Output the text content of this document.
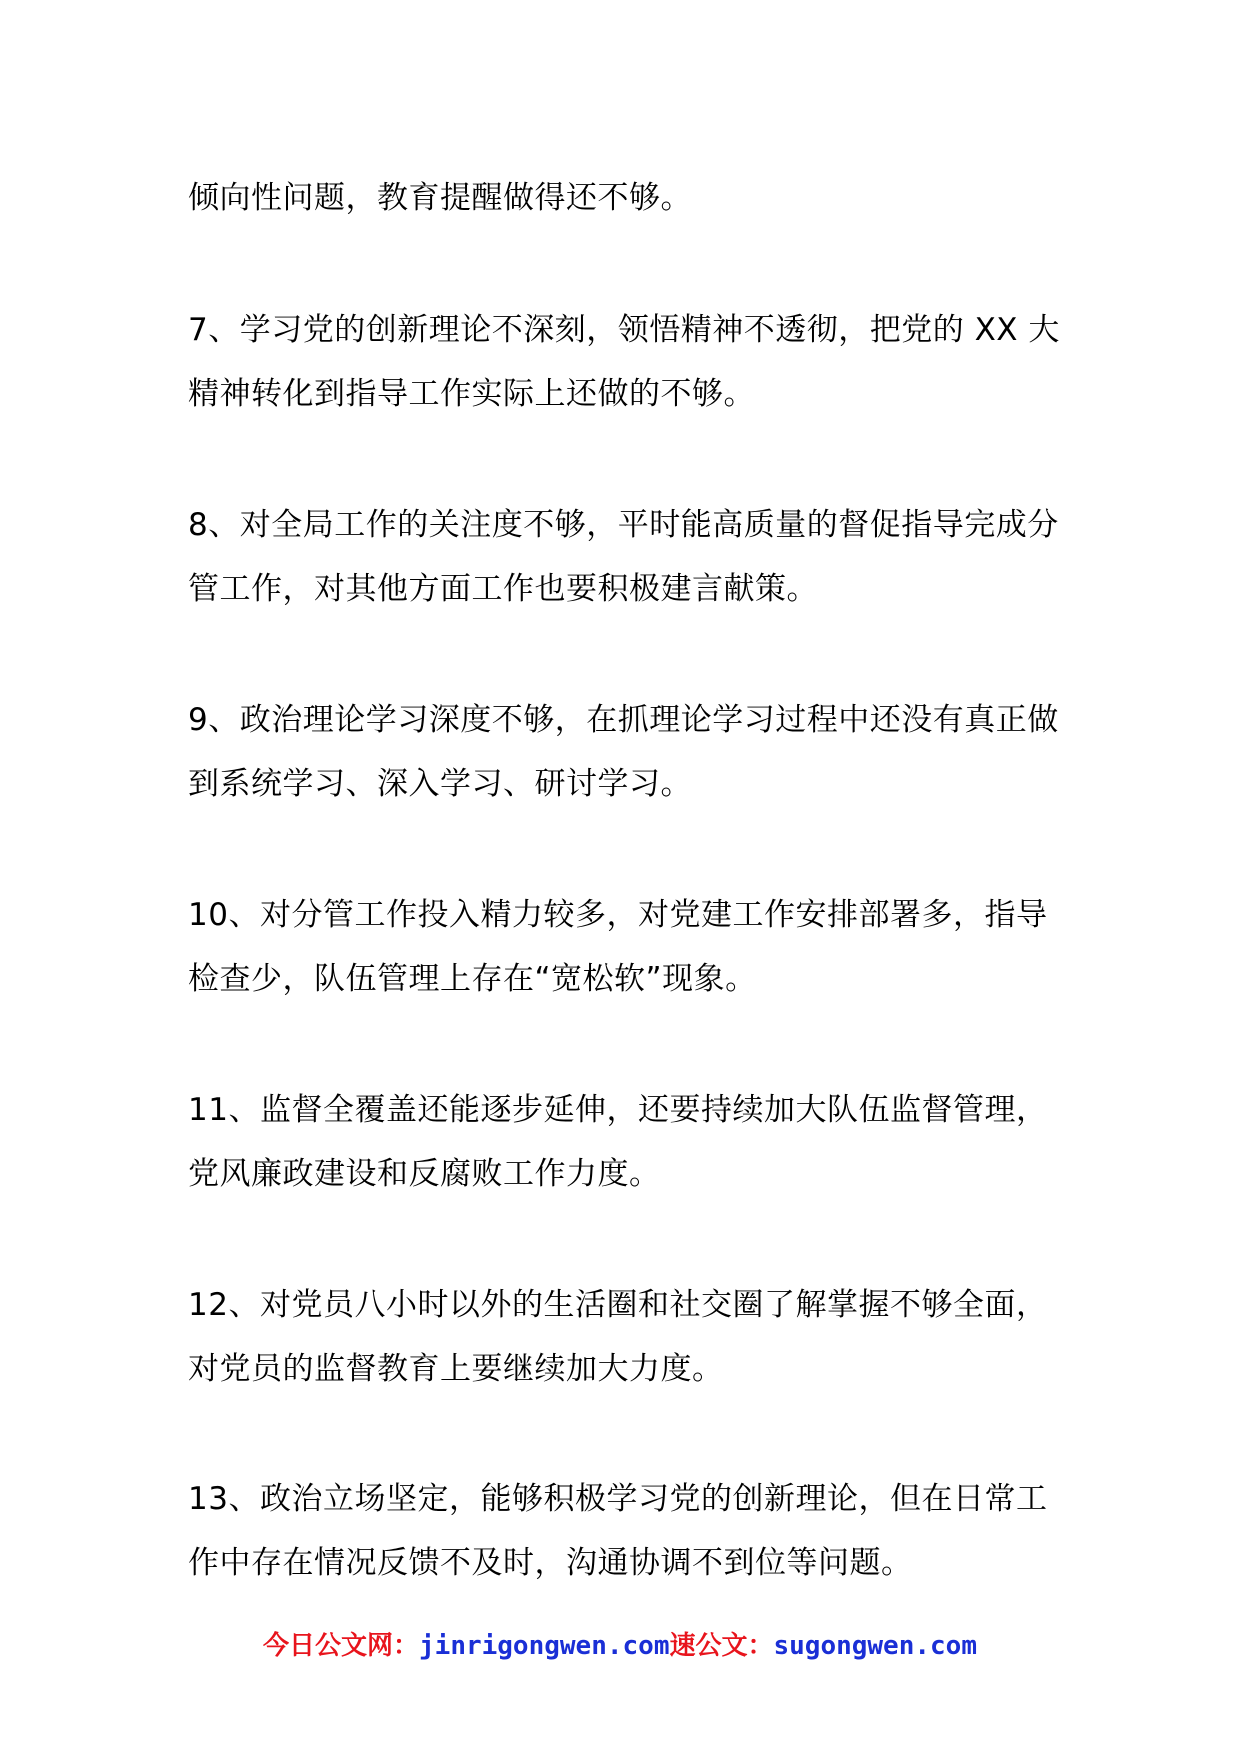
倾向性问题，教育提醒做得还不够。
7、学习党的创新理论不深刻，领悟精神不透彻，把党的 XX 大
精神转化到指导工作实际上还做的不够。
8、对全局工作的关注度不够，平时能高质量的督促指导完成分
管工作，对其他方面工作也要积极建言献策。
9、政治理论学习深度不够，在抓理论学习过程中还没有真正做
到系统学习、深入学习、研讨学习。
10、对分管工作投入精力较多，对党建工作安排部署多，指导
检查少，队伍管理上存在“宽松软”现象。
11、监督全覆盖还能逐步延伸，还要持续加大队伍监督管理，
党风廉政建设和反腐败工作力度。
12、对党员八小时以外的生活圈和社交圈了解掌握不够全面，
对党员的监督教育上要继续加大力度。
13、政治立场坚定，能够积极学习党的创新理论，但在日常工
作中存在情况反馈不及时，沟通协调不到位等问题。
今日公文网：jinrigongwen.com速公文：sugongwen.com
